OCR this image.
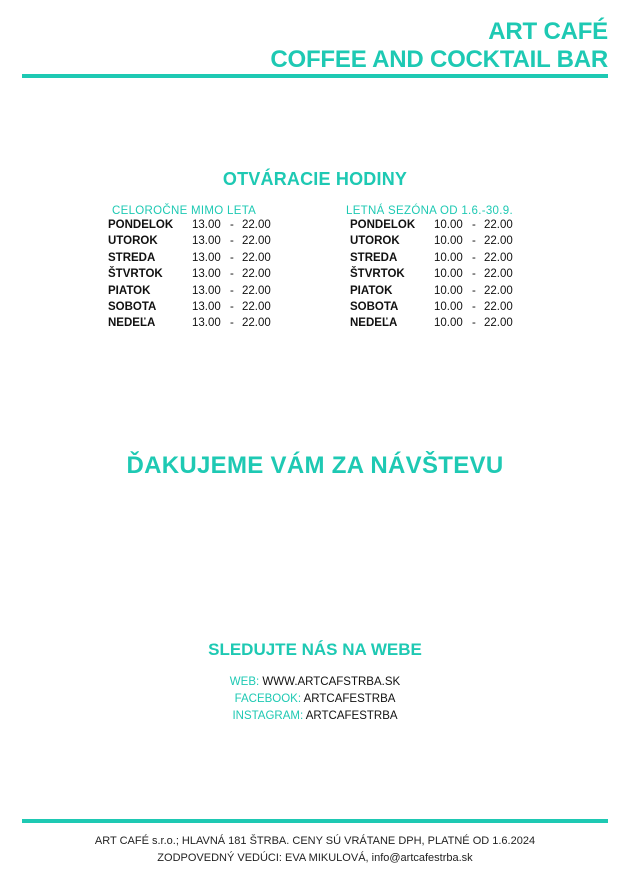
ART CAFÉ
COFFEE AND COCKTAIL BAR
OTVÁRACIE HODINY
CELOROČNE MIMO LETA
PONDELOK	13.00 - 22.00
UTOROK	13.00 - 22.00
STREDA	13.00 - 22.00
ŠTVRTOK	13.00 - 22.00
PIATOK	13.00 - 22.00
SOBOTA	13.00 - 22.00
NEDEĽA	13.00 - 22.00
LETNÁ SEZÓNA OD 1.6.-30.9.
PONDELOK	10.00 - 22.00
UTOROK	10.00 - 22.00
STREDA	10.00 - 22.00
ŠTVRTOK	10.00 - 22.00
PIATOK	10.00 - 22.00
SOBOTA	10.00 - 22.00
NEDEĽA	10.00 - 22.00
ĎAKUJEME VÁM ZA NÁVŠTEVU
SLEDUJTE NÁS NA WEBE
WEB: WWW.ARTCAFSTRBA.SK
FACEBOOK: ARTCAFESTRBA
INSTAGRAM: ARTCAFESTRBA
ART CAFÉ s.r.o.; HLAVNÁ 181 ŠTRBA. CENY SÚ VRÁTANE DPH, PLATNÉ OD 1.6.2024
ZODPOVEDNÝ VEDÚCI: EVA MIKULOVÁ, info@artcafestrba.sk
